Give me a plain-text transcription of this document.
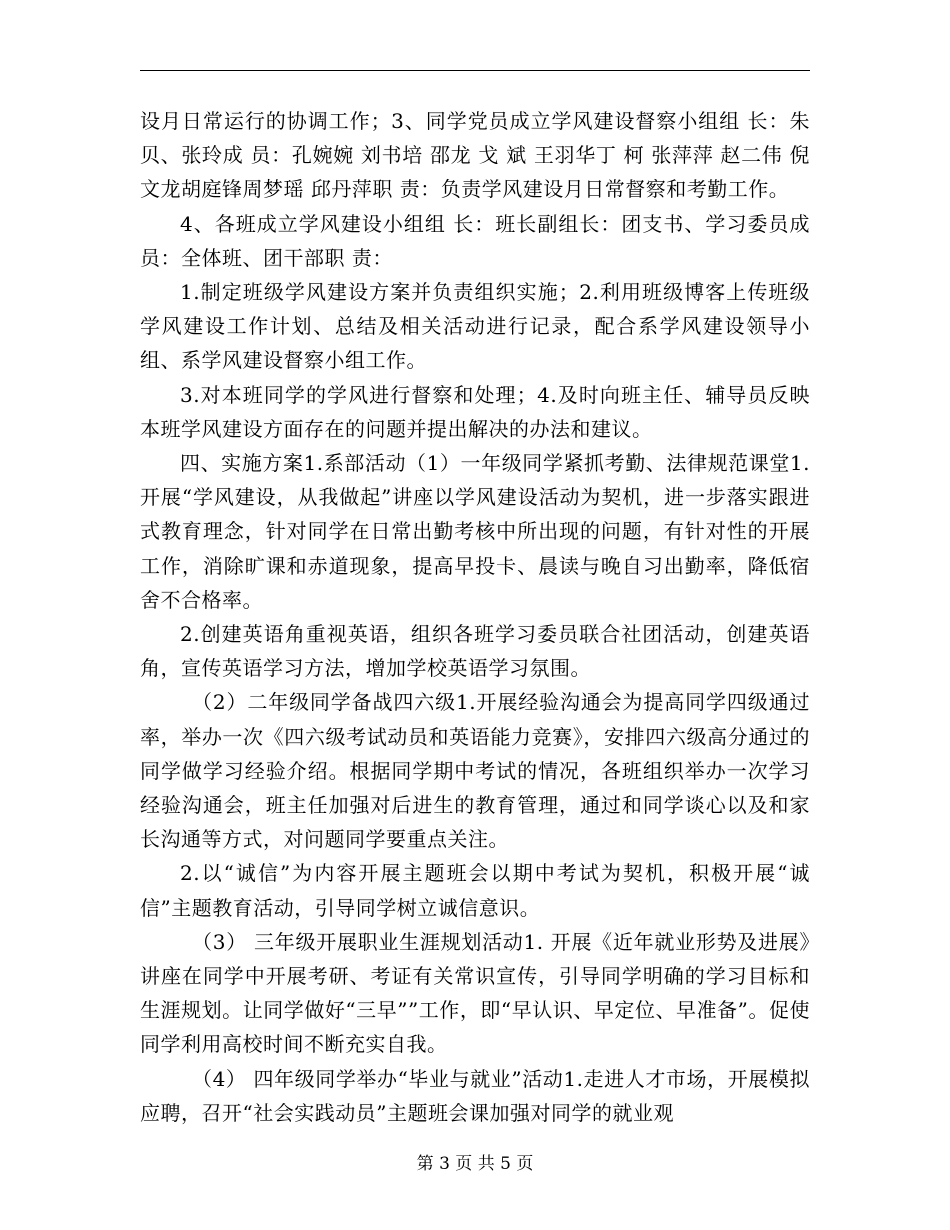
设月日常运行的协调工作；3、同学党员成立学风建设督察小组组 长：朱贝、张玲成 员：孔婉婉 刘书培 邵龙 戈 斌 王羽华丁 柯 张萍萍 赵二伟 倪文龙胡庭锋周梦瑶 邱丹萍职 责：负责学风建设月日常督察和考勤工作。

4、各班成立学风建设小组组 长：班长副组长：团支书、学习委员成 员：全体班、团干部职 责：

1.制定班级学风建设方案并负责组织实施；2.利用班级博客上传班级学风建设工作计划、总结及相关活动进行记录，配合系学风建设领导小组、系学风建设督察小组工作。

3.对本班同学的学风进行督察和处理；4.及时向班主任、辅导员反映本班学风建设方面存在的问题并提出解决的办法和建议。

四、实施方案1.系部活动（1）一年级同学紧抓考勤、法律规范课堂1.开展“学风建设，从我做起”讲座以学风建设活动为契机，进一步落实跟进式教育理念，针对同学在日常出勤考核中所出现的问题，有针对性的开展工作，消除旷课和赤道现象，提高早投卡、晨读与晚自习出勤率，降低宿舍不合格率。

2.创建英语角重视英语，组织各班学习委员联合社团活动，创建英语角，宣传英语学习方法，增加学校英语学习氛围。

（2）二年级同学备战四六级1.开展经验沟通会为提高同学四级通过率，举办一次《四六级考试动员和英语能力竞赛》，安排四六级高分通过的同学做学习经验介绍。根据同学期中考试的情况，各班组织举办一次学习经验沟通会，班主任加强对后进生的教育管理，通过和同学谈心以及和家长沟通等方式，对问题同学要重点关注。

2.以“诚信”为内容开展主题班会以期中考试为契机，积极开展“诚信”主题教育活动，引导同学树立诚信意识。

（3） 三年级开展职业生涯规划活动1. 开展《近年就业形势及进展》讲座在同学中开展考研、考证有关常识宣传，引导同学明确的学习目标和生涯规划。让同学做好“三早””工作，即“早认识、早定位、早准备”。促使同学利用高校时间不断充实自我。

（4） 四年级同学举办“毕业与就业”活动1.走进人才市场，开展模拟应聘，召开“社会实践动员”主题班会课加强对同学的就业观

第 3 页 共 5 页
